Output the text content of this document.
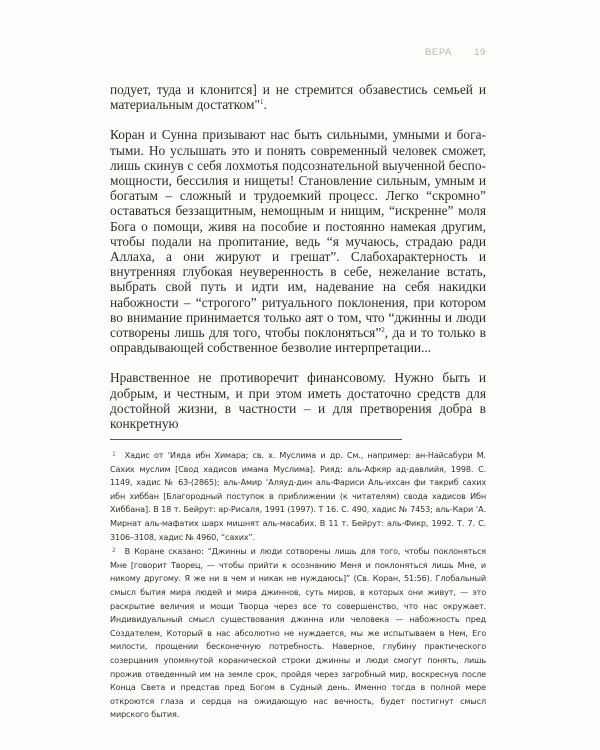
ВЕРА 19

подует, туда и клонится] и не стремится обзавестись семьей и материальным достатком"$^1$.

Коран и Сунна призывают нас быть сильными, умными и богатыми. Но услышать это и понять современный человек сможет, лишь скинув с себя лохмотья подсознательной выученной беспомощности, бессилия и нищеты! Становление сильным, умным и богатым – сложный и трудоемкий процесс. Легко “скромно” оставаться беззащитным, немощным и нищим, “искренне” моля Бога о помощи, живя на пособие и постоянно намекая другим, чтобы подали на пропитание, ведь “я мучаюсь, страдаю ради Аллаха, а они жируют и грешат”. Слабохарактерность и внутренняя глубокая неуверенность в себе, нежелание встать, выбрать свой путь и идти им, надевание на себя накидки набожности – “строгого” ритуального поклонения, при котором во внимание принимается только аят о том, что “джинны и люди сотворены лишь для того, чтобы поклоняться”$^2$, да и то только в оправдывающей собственное безволие интерпретации...

Нравственное не противоречит финансовому. Нужно быть и добрым, и честным, и при этом иметь достаточно средств для достойной жизни, в частности – и для претворения добра в конкретную

$^1$ Хадис от ‘Ияда ибн Химара; св. х. Муслима и др. См., например: ан-Найсабури М. Сахих муслим [Свод хадисов имама Муслима]. Рияд: аль-Афкяр ад-давлийя, 1998. С. 1149, хадис № 63-(2865); аль-Амир ‘Аляуд-дин аль-Фариси Аль-ихсан фи такриб сахих ибн хиббан [Благородный поступок в приближении (к читателям) свода хадисов Ибн Хиббана]. В 18 т. Бейрут: ар-Рисаля, 1991 (1997). Т 16. С. 490, хадис № 7453; аль-Кари ‘А. Мирнат аль-мафатих шарх мишнят аль-масабих. В 11 т. Бейрут: аль-Фикр, 1992. Т. 7. С. 3106–3108, хадис № 4960, “сахих”.

$^2$ В Коране сказано: “Джинны и люди сотворены лишь для того, чтобы поклоняться Мне [говорит Творец, — чтобы прийти к осознанию Меня и поклоняться лишь Мне, и никому другому. Я же ни в чем и никак не нуждаюсь]” (Св. Коран, 51:56). Глобальный смысл бытия мира людей и мира джиннов, суть миров, в которых они живут, — это раскрытие величия и мощи Творца через все то совершенство, что нас окружает. Индивидуальный смысл существования джинна или человека — набожность пред Создателем, Который в нас абсолютно не нуждается, мы же испытываем в Нем, Его милости, прощении бесконечную потребность. Наверное, глубину практического созерцания упомянутой коранической строки джинны и люди смогут понять, лишь прожив отведенный им на земле срок, пройдя через загробный мир, воскреснув после Конца Света и представ пред Богом в Судный день. Именно тогда в полной мере откроются глаза и сердца на ожидающую нас вечность, будет постигнут смысл мирского бытия.
